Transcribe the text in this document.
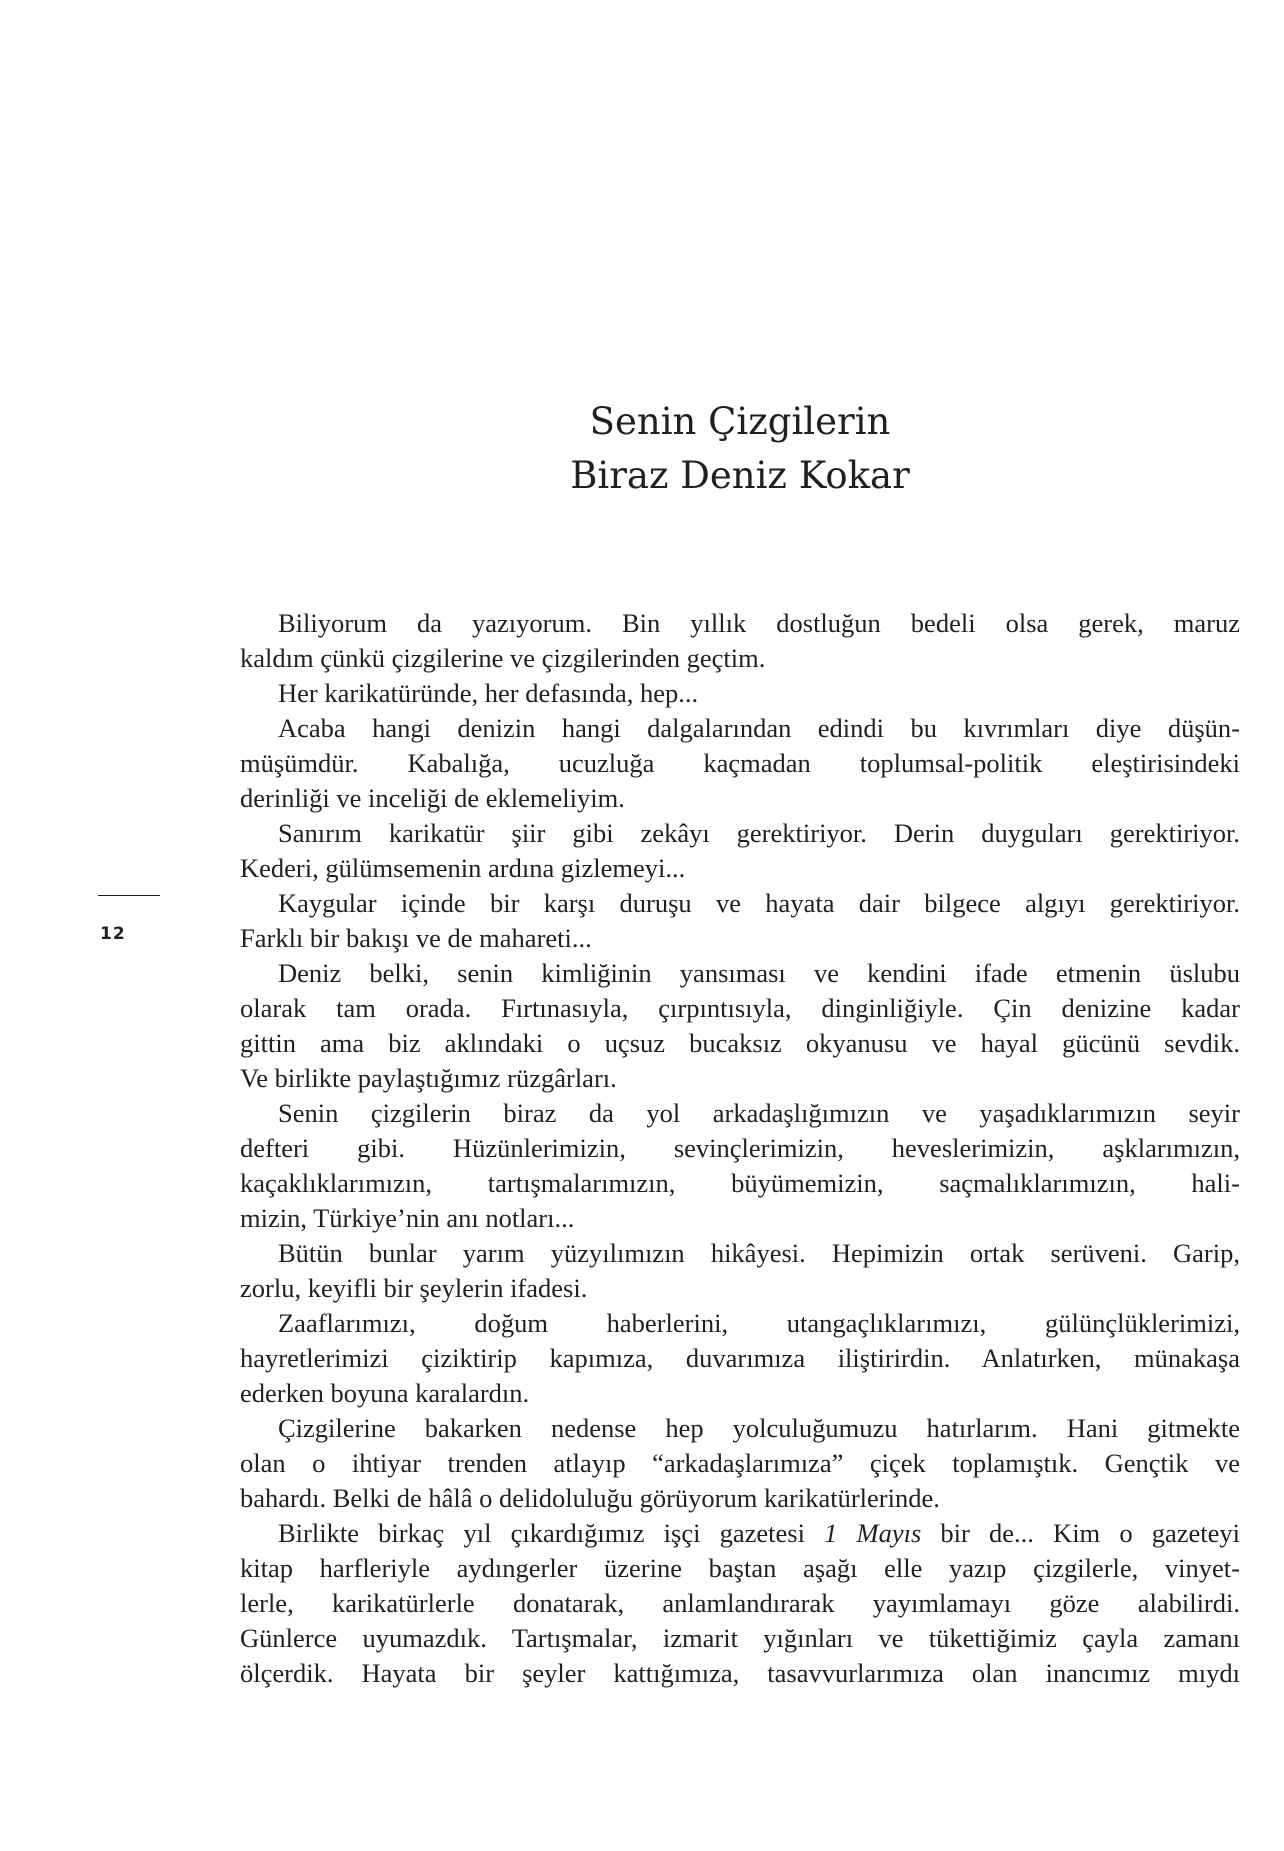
Senin Çizgilerin
Biraz Deniz Kokar
12
Biliyorum da yazıyorum. Bin yıllık dostluğun bedeli olsa gerek, maruz
kaldım çünkü çizgilerine ve çizgilerinden geçtim.
Her karikatüründe, her defasında, hep...
Acaba hangi denizin hangi dalgalarından edindi bu kıvrımları diye düşün-
müşümdür. Kabalığa, ucuzluğa kaçmadan toplumsal-politik eleştirisindeki
derinliği ve inceliği de eklemeliyim.
Sanırım karikatür şiir gibi zekâyı gerektiriyor. Derin duyguları gerektiriyor.
Kederi, gülümsemenin ardına gizlemeyi...
Kaygular içinde bir karşı duruşu ve hayata dair bilgece algıyı gerektiriyor.
Farklı bir bakışı ve de mahareti...
Deniz belki, senin kimliğinin yansıması ve kendini ifade etmenin üslubu
olarak tam orada. Fırtınasıyla, çırpıntısıyla, dinginliğiyle. Çin denizine kadar
gittin ama biz aklındaki o uçsuz bucaksız okyanusu ve hayal gücünü sevdik.
Ve birlikte paylaştığımız rüzgârları.
Senin çizgilerin biraz da yol arkadaşlığımızın ve yaşadıklarımızın seyir
defteri gibi. Hüzünlerimizin, sevinçlerimizin, heveslerimizin, aşklarımızın,
kaçaklıklarımızın, tartışmalarımızın, büyümemizin, saçmalıklarımızın, hali-
mizin, Türkiye’nin anı notları...
Bütün bunlar yarım yüzyılımızın hikâyesi. Hepimizin ortak serüveni. Garip,
zorlu, keyifli bir şeylerin ifadesi.
Zaaflarımızı, doğum haberlerini, utangaçlıklarımızı, gülünçlüklerimizi,
hayretlerimizi çiziktirip kapımıza, duvarımıza iliştirirdin. Anlatırken, münakaşa
ederken boyuna karalardın.
Çizgilerine bakarken nedense hep yolculuğumuzu hatırlarım. Hani gitmekte
olan o ihtiyar trenden atlayıp “arkadaşlarımıza” çiçek toplamıştık. Gençtik ve
bahardı. Belki de hâlâ o delidoluluğu görüyorum karikatürlerinde.
Birlikte birkaç yıl çıkardığımız işçi gazetesi 1 Mayıs bir de... Kim o gazeteyi
kitap harfleriyle aydıngerler üzerine baştan aşağı elle yazıp çizgilerle, vinyet-
lerle, karikatürlerle donatarak, anlamlandırarak yayımlamayı göze alabilirdi.
Günlerce uyumazdık. Tartışmalar, izmarit yığınları ve tükettiğimiz çayla zamanı
ölçerdik. Hayata bir şeyler kattığımıza, tasavvurlarımıza olan inancımız mıydı
